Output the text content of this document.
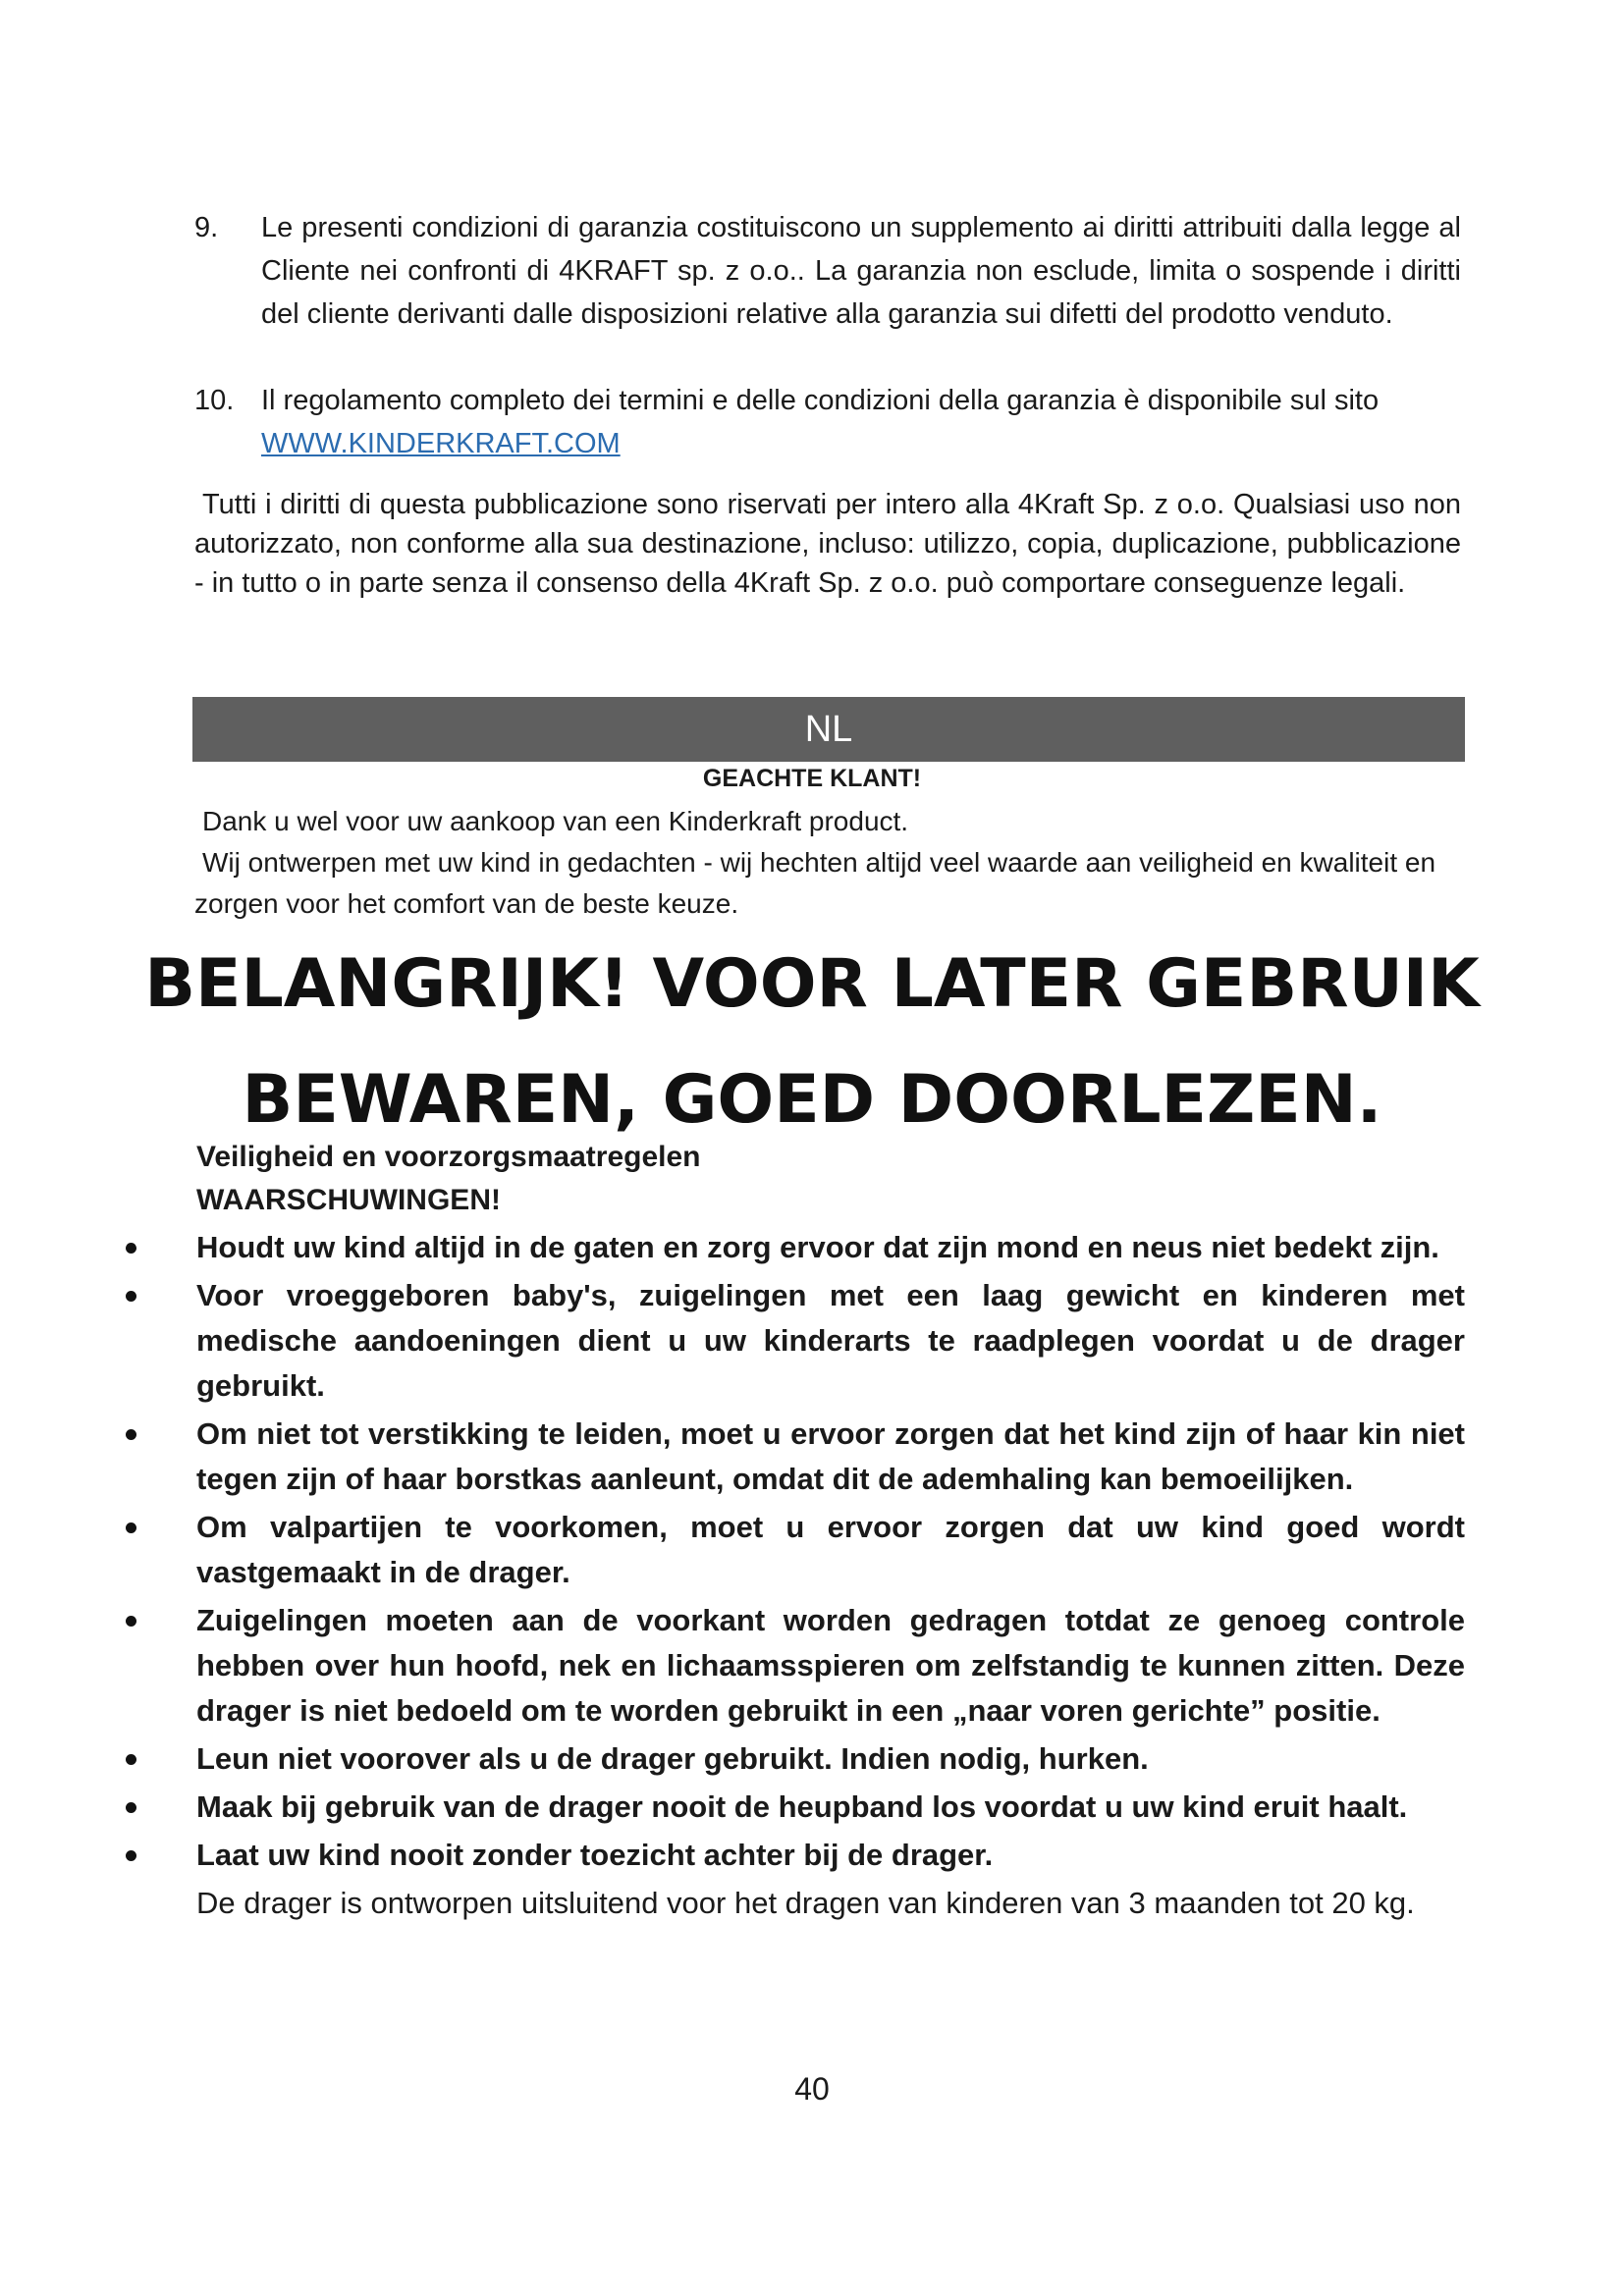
9. Le presenti condizioni di garanzia costituiscono un supplemento ai diritti attribuiti dalla legge al Cliente nei confronti di 4KRAFT sp. z o.o.. La garanzia non esclude, limita o sospende i diritti del cliente derivanti dalle disposizioni relative alla garanzia sui difetti del prodotto venduto.
10. Il regolamento completo dei termini e delle condizioni della garanzia è disponibile sul sito
WWW.KINDERKRAFT.COM
Tutti i diritti di questa pubblicazione sono riservati per intero alla 4Kraft Sp. z o.o. Qualsiasi uso non autorizzato, non conforme alla sua destinazione, incluso: utilizzo, copia, duplicazione, pubblicazione - in tutto o in parte senza il consenso della 4Kraft Sp. z o.o. può comportare conseguenze legali.
NL
GEACHTE KLANT!

Dank u wel voor uw aankoop van een Kinderkraft product.

Wij ontwerpen met uw kind in gedachten - wij hechten altijd veel waarde aan veiligheid en kwaliteit en zorgen voor het comfort van de beste keuze.

BELANGRIJK! VOOR LATER GEBRUIK
BEWAREN, GOED DOORLEZEN.
Veiligheid en voorzorgsmaatregelen
WAARSCHUWINGEN!
Houdt uw kind altijd in de gaten en zorg ervoor dat zijn mond en neus niet bedekt zijn.
Voor vroeggeboren baby's, zuigelingen met een laag gewicht en kinderen met medische aandoeningen dient u uw kinderarts te raadplegen voordat u de drager gebruikt.
Om niet tot verstikking te leiden, moet u ervoor zorgen dat het kind zijn of haar kin niet tegen zijn of haar borstkas aanleunt, omdat dit de ademhaling kan bemoeilijken.
Om valpartijen te voorkomen, moet u ervoor zorgen dat uw kind goed wordt vastgemaakt in de drager.
Zuigelingen moeten aan de voorkant worden gedragen totdat ze genoeg controle hebben over hun hoofd, nek en lichaamsspieren om zelfstandig te kunnen zitten. Deze drager is niet bedoeld om te worden gebruikt in een „naar voren gerichte” positie.
Leun niet voorover als u de drager gebruikt. Indien nodig, hurken.
Maak bij gebruik van de drager nooit de heupband los voordat u uw kind eruit haalt.
Laat uw kind nooit zonder toezicht achter bij de drager.
De drager is ontworpen uitsluitend voor het dragen van kinderen van 3 maanden tot 20 kg.
40
